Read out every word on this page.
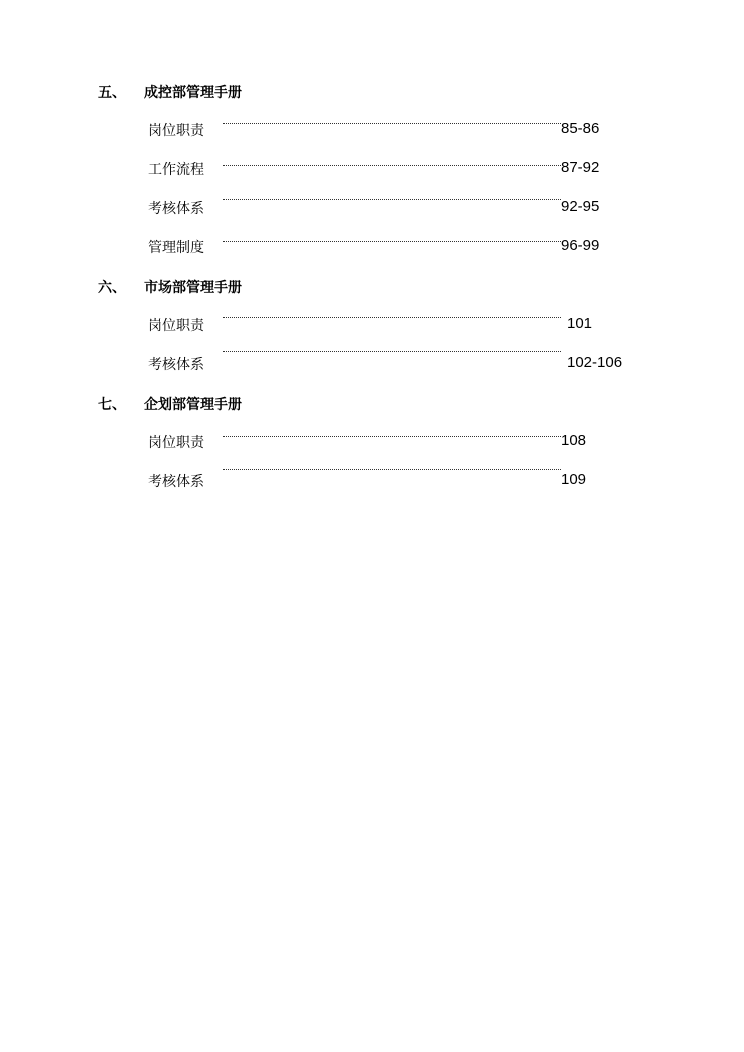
五、 成控部管理手册
岗位职责	85-86
工作流程	87-92
考核体系	92-95
管理制度	96-99
六、 市场部管理手册
岗位职责	101
考核体系	102-106
七、 企划部管理手册
岗位职责	108
考核体系	109
